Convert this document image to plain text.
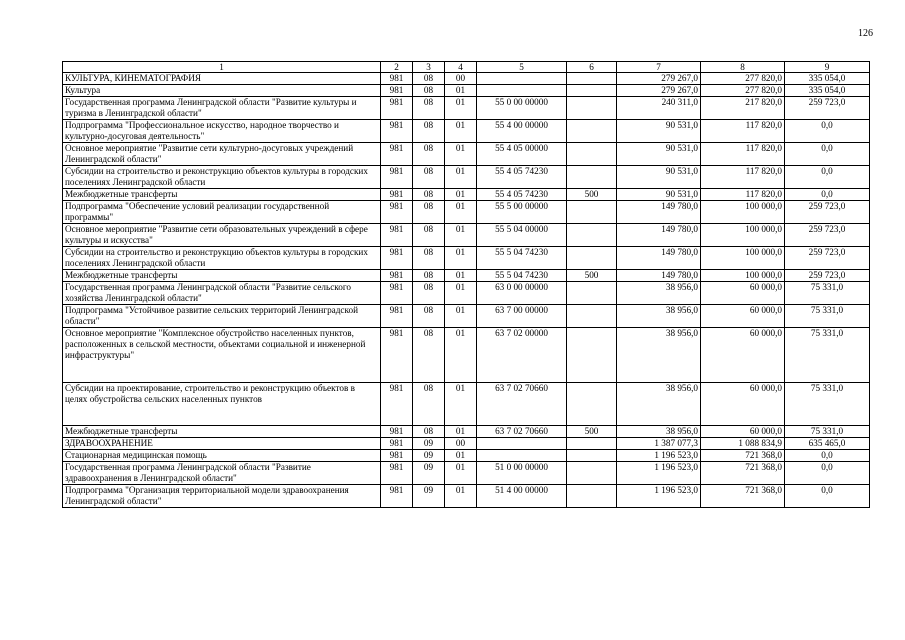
126
1	2	3	4	5	6	7	8	9
КУЛЬТУРА, КИНЕМАТОГРАФИЯ	981	08	00			279 267,0	277 820,0	335 054,0
Культура	981	08	01			279 267,0	277 820,0	335 054,0
Государственная программа Ленинградской области "Развитие культуры и туризма в Ленинградской области"	981	08	01	55 0 00 00000		240 311,0	217 820,0	259 723,0
Подпрограмма "Профессиональное искусство, народное творчество и культурно-досуговая деятельность"	981	08	01	55 4 00 00000		90 531,0	117 820,0	0,0
Основное мероприятие "Развитие сети культурно-досуговых учреждений Ленинградской области"	981	08	01	55 4 05 00000		90 531,0	117 820,0	0,0
Субсидии на строительство и реконструкцию объектов культуры в городских поселениях Ленинградской области	981	08	01	55 4 05 74230		90 531,0	117 820,0	0,0
Межбюджетные трансферты	981	08	01	55 4 05 74230	500	90 531,0	117 820,0	0,0
Подпрограмма "Обеспечение условий реализации государственной программы"	981	08	01	55 5 00 00000		149 780,0	100 000,0	259 723,0
Основное мероприятие "Развитие сети образовательных учреждений в сфере культуры и искусства"	981	08	01	55 5 04 00000		149 780,0	100 000,0	259 723,0
Субсидии на строительство и реконструкцию объектов культуры в городских поселениях Ленинградской области	981	08	01	55 5 04 74230		149 780,0	100 000,0	259 723,0
Межбюджетные трансферты	981	08	01	55 5 04 74230	500	149 780,0	100 000,0	259 723,0
Государственная программа Ленинградской области "Развитие сельского хозяйства Ленинградской области"	981	08	01	63 0 00 00000		38 956,0	60 000,0	75 331,0
Подпрограмма "Устойчивое развитие сельских территорий Ленинградской области"	981	08	01	63 7 00 00000		38 956,0	60 000,0	75 331,0
Основное мероприятие "Комплексное обустройство населенных пунктов, расположенных в сельской местности, объектами социальной и инженерной инфраструктуры"	981	08	01	63 7 02 00000		38 956,0	60 000,0	75 331,0
Субсидии на проектирование, строительство и реконструкцию объектов в целях обустройства сельских населенных пунктов	981	08	01	63 7 02 70660		38 956,0	60 000,0	75 331,0
Межбюджетные трансферты	981	08	01	63 7 02 70660	500	38 956,0	60 000,0	75 331,0
ЗДРАВООХРАНЕНИЕ	981	09	00			1 387 077,3	1 088 834,9	635 465,0
Стационарная медицинская помощь	981	09	01			1 196 523,0	721 368,0	0,0
Государственная программа Ленинградской области "Развитие здравоохранения в Ленинградской области"	981	09	01	51 0 00 00000		1 196 523,0	721 368,0	0,0
Подпрограмма "Организация территориальной модели здравоохранения Ленинградской области"	981	09	01	51 4 00 00000		1 196 523,0	721 368,0	0,0
